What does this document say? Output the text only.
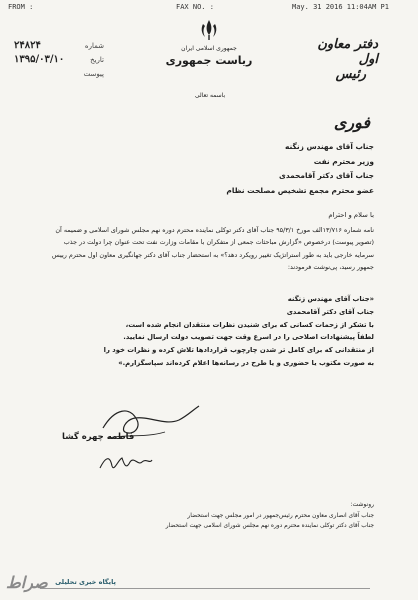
FROM :	FAX NO. :	May. 31 2016 11:04AM P1
شماره
۲۴۸۲۴
تاریخ
۱۳۹۵/۰۳/۱۰
پیوست
جمهوری اسلامی ایران
ریاست جمهوری
دفتر معاون اول
رئیس
باسمه تعالی
فوری
جناب آقای مهندس زنگنه
وزیر محترم نفت
جناب آقای دکتر آقامحمدی
عضو محترم مجمع تشخیص مصلحت نظام
با سلام و احترام
نامه شماره ۱۳/۷۱۶الف مورخ ۹۵/۳/۱ جناب آقای دکتر توکلی نماینده محترم دوره نهم مجلس شورای اسلامی و ضمیمه آن (تصویر پیوست) درخصوص «گزارش مباحثات جمعی از متفکران با مقامات وزارت نفت تحت عنوان چرا دولت در جذب سرمایه خارجی باید به طور استراتژیک تغییر رویکرد دهد؟» به استحضار جناب آقای دکتر جهانگیری معاون اول محترم رییس جمهور رسید، پی‌نوشت فرمودند:
«جناب آقای مهندس زنگنه
جناب آقای دکتر آقامحمدی
با تشکر از زحمات کسانی که برای شنیدن نظرات منتقدان انجام شده است،
لطفاً پیشنهادات اصلاحی را در اسرع وقت جهت تصویب دولت ارسال نمایید.
از منتقدانی که برای کامل تر شدن چارچوب قراردادها تلاش کرده و نظرات خود را
به صورت مکتوب یا حضوری و یا طرح در رسانه‌ها اعلام کرده‌اند سپاسگزارم.»
فاطمه چهره گشا
رونوشت:
جناب آقای انصاری معاون محترم رئیس‌جمهور در امور مجلس جهت استحضار
جناب آقای دکتر توکلی نماینده محترم دوره نهم مجلس شورای اسلامی جهت استحضار
صراط پایگاه خبری تحلیلی
